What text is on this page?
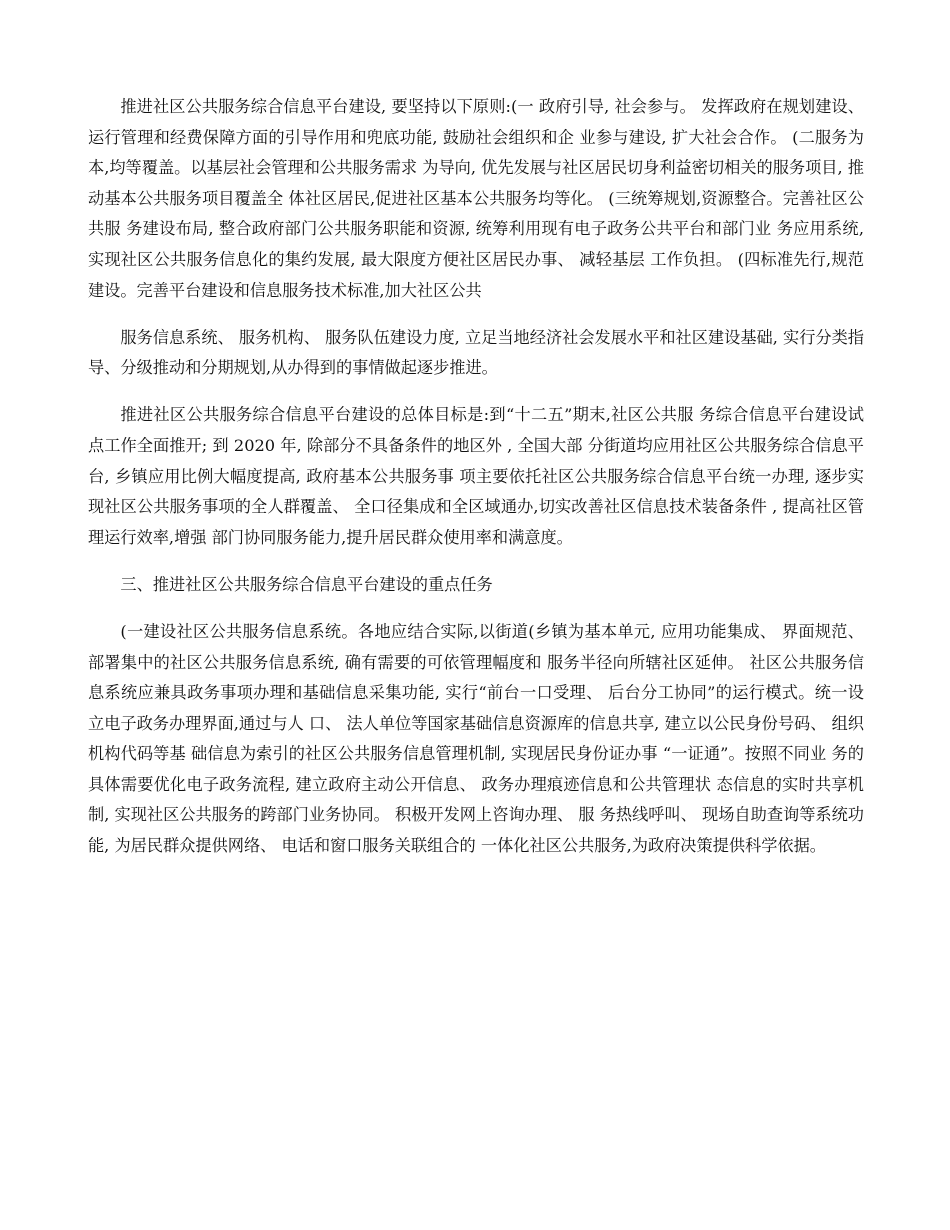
推进社区公共服务综合信息平台建设, 要坚持以下原则:(一 政府引导, 社会参与。 发挥政府在规划建设、 运行管理和经费保障方面的引导作用和兜底功能, 鼓励社会组织和企 业参与建设, 扩大社会合作。 (二服务为本,均等覆盖。以基层社会管理和公共服务需求 为导向, 优先发展与社区居民切身利益密切相关的服务项目, 推动基本公共服务项目覆盖全 体社区居民,促进社区基本公共服务均等化。 (三统筹规划,资源整合。完善社区公共服 务建设布局, 整合政府部门公共服务职能和资源, 统筹利用现有电子政务公共平台和部门业 务应用系统, 实现社区公共服务信息化的集约发展, 最大限度方便社区居民办事、 减轻基层 工作负担。 (四标准先行,规范建设。完善平台建设和信息服务技术标准,加大社区公共

服务信息系统、 服务机构、 服务队伍建设力度, 立足当地经济社会发展水平和社区建设基础, 实行分类指导、分级推动和分期规划,从办得到的事情做起逐步推进。

推进社区公共服务综合信息平台建设的总体目标是:到“十二五”期末,社区公共服 务综合信息平台建设试点工作全面推开; 到 2020 年, 除部分不具备条件的地区外 , 全国大部 分街道均应用社区公共服务综合信息平台, 乡镇应用比例大幅度提高, 政府基本公共服务事 项主要依托社区公共服务综合信息平台统一办理, 逐步实现社区公共服务事项的全人群覆盖、 全口径集成和全区域通办,切实改善社区信息技术装备条件 , 提高社区管理运行效率,增强 部门协同服务能力,提升居民群众使用率和满意度。

三、推进社区公共服务综合信息平台建设的重点任务

(一建设社区公共服务信息系统。各地应结合实际,以街道(乡镇为基本单元, 应用功能集成、 界面规范、 部署集中的社区公共服务信息系统, 确有需要的可依管理幅度和 服务半径向所辖社区延伸。 社区公共服务信息系统应兼具政务事项办理和基础信息采集功能, 实行“前台一口受理、 后台分工协同”的运行模式。统一设立电子政务办理界面,通过与人 口、 法人单位等国家基础信息资源库的信息共享, 建立以公民身份号码、 组织机构代码等基 础信息为索引的社区公共服务信息管理机制, 实现居民身份证办事 “一证通”。按照不同业 务的具体需要优化电子政务流程, 建立政府主动公开信息、 政务办理痕迹信息和公共管理状 态信息的实时共享机制, 实现社区公共服务的跨部门业务协同。 积极开发网上咨询办理、 服 务热线呼叫、 现场自助查询等系统功能, 为居民群众提供网络、 电话和窗口服务关联组合的 一体化社区公共服务,为政府决策提供科学依据。
